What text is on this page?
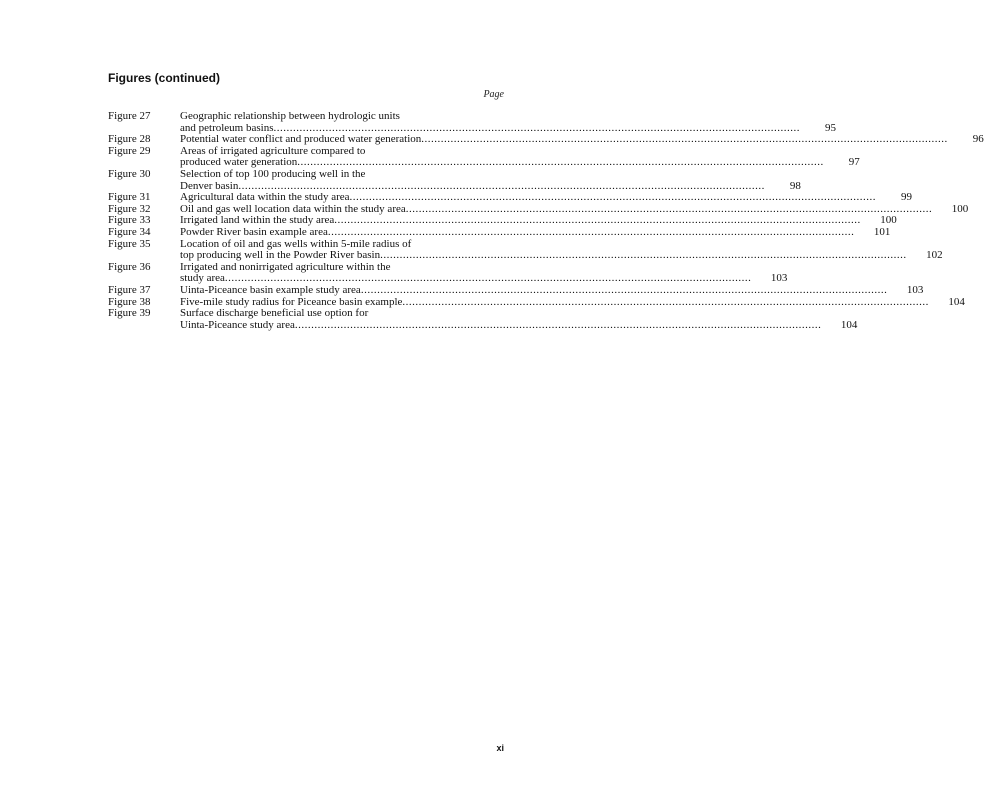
Figures (continued)
Page
Figure 27	Geographic relationship between hydrologic units
and petroleum basins .....	95
Figure 28	Potential water conflict and produced water generation .....	96
Figure 29	Areas of irrigated agriculture compared to
produced water generation .....	97
Figure 30	Selection of top 100 producing well in the
Denver basin .....	98
Figure 31	Agricultural data within the study area .....	99
Figure 32	Oil and gas well location data within the study area .....	100
Figure 33	Irrigated land within the study area .....	100
Figure 34	Powder River basin example area .....	101
Figure 35	Location of oil and gas wells within 5-mile radius of
top producing well in the Powder River basin .....	102
Figure 36	Irrigated and nonirrigated agriculture within the
study area .....	103
Figure 37	Uinta-Piceance basin example study area .....	103
Figure 38	Five-mile study radius for Piceance basin example .....	104
Figure 39	Surface discharge beneficial use option for
Uinta-Piceance study area .....	104
xi
